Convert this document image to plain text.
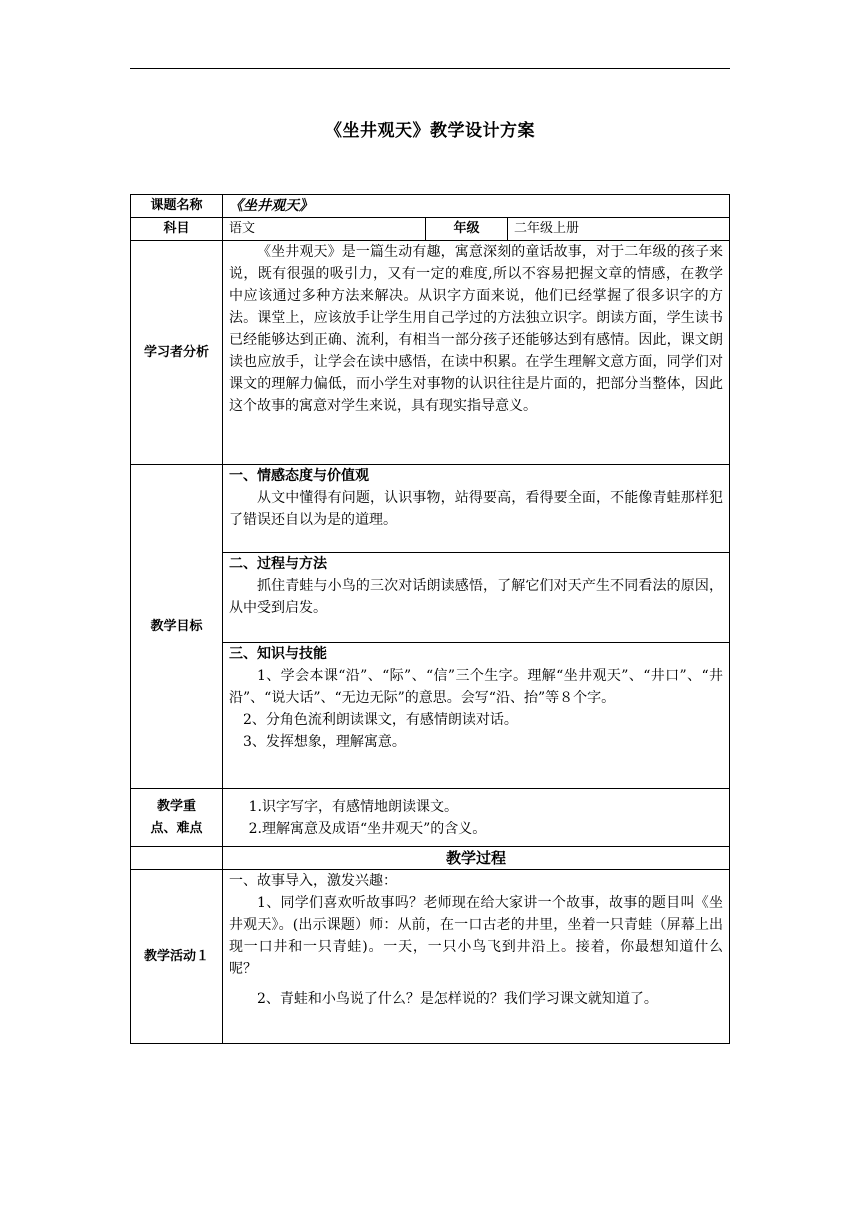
《坐井观天》教学设计方案
课题名称	《坐井观天》		
科目	语文	年级	二年级上册
学习者分析	《坐井观天》是一篇生动有趣，寓意深刻的童话故事，对于二年级的孩子来说，既有很强的吸引力，又有一定的难度,所以不容易把握文章的情感，在教学中应该通过多种方法来解决。从识字方面来说，他们已经掌握了很多识字的方法。课堂上，应该放手让学生用自己学过的方法独立识字。朗读方面，学生读书已经能够达到正确、流利，有相当一部分孩子还能够达到有感情。因此，课文朗读也应放手，让学会在读中感悟，在读中积累。在学生理解文意方面，同学们对课文的理解力偏低，而小学生对事物的认识往往是片面的，把部分当整体，因此这个故事的寓意对学生来说，具有现实指导意义。		

教学目标	一、情感态度与价值观

从文中懂得有问题，认识事物，站得要高，看得要全面，不能像青蛙那样犯了错误还自以为是的道理。		

	二、过程与方法

抓住青蛙与小鸟的三次对话朗读感悟，了解它们对天产生不同看法的原因，从中受到启发。		

	三、知识与技能

1、学会本课“沿”、“际”、“信”三个生字。理解“坐井观天”、“井口”、“井沿”、“说大话”、“无边无际”的意思。会写“沿、抬”等８个字。

2、分角色流利朗读课文，有感情朗读对话。

3、发挥想象，理解寓意。		

教学重点、难点	1.识字写字，有感情地朗读课文。

2.理解寓意及成语“坐井观天”的含义。		

	教学过程		
教学活动１	一、故事导入，激发兴趣：

1、同学们喜欢听故事吗？老师现在给大家讲一个故事，故事的题目叫《坐井观天》。(出示课题）师：从前，在一口古老的井里，坐着一只青蛙（屏幕上出现一口井和一只青蛙)。一天，一只小鸟飞到井沿上。接着，你最想知道什么呢？

2、青蛙和小鸟说了什么？是怎样说的？我们学习课文就知道了。		
